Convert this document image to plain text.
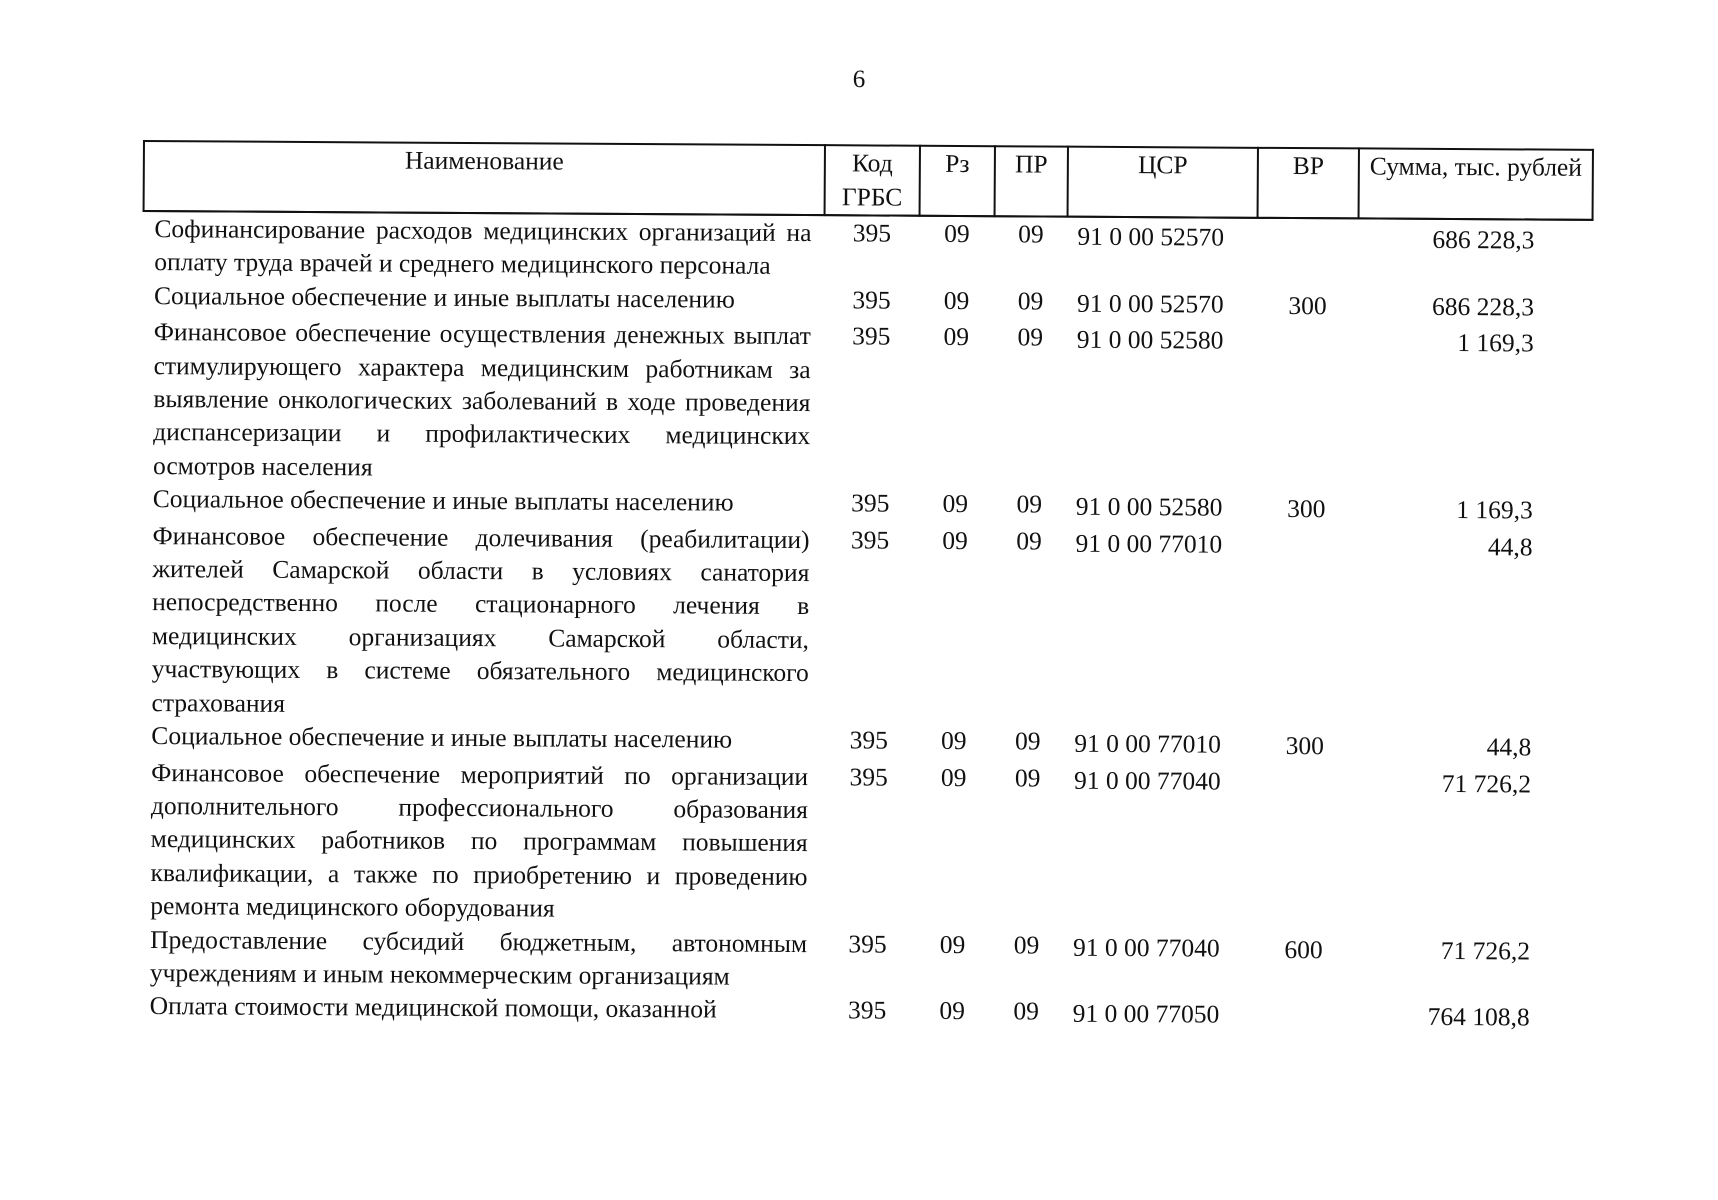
6
Наименование	Код ГРБС	Рз	ПР	ЦСР	ВР	Сумма, тыс. рублей
Софинансирование расходов медицинских организаций на оплату труда врачей и среднего медицинского персонала	395	09	09	91 0 00 52570		686 228,3
Социальное обеспечение и иные выплаты населению	395	09	09	91 0 00 52570	300	686 228,3
Финансовое обеспечение осуществления денежных выплат стимулирующего характера медицинским работникам за выявление онкологических заболеваний в ходе проведения диспансеризации и профилактических медицинских осмотров населения	395	09	09	91 0 00 52580		1 169,3
Социальное обеспечение и иные выплаты населению	395	09	09	91 0 00 52580	300	1 169,3
Финансовое обеспечение долечивания (реабилитации) жителей Самарской области в условиях санатория непосредственно после стационарного лечения в медицинских организациях Самарской области, участвующих в системе обязательного медицинского страхования	395	09	09	91 0 00 77010		44,8
Социальное обеспечение и иные выплаты населению	395	09	09	91 0 00 77010	300	44,8
Финансовое обеспечение мероприятий по организации дополнительного профессионального образования медицинских работников по программам повышения квалификации, а также по приобретению и проведению ремонта медицинского оборудования	395	09	09	91 0 00 77040		71 726,2
Предоставление субсидий бюджетным, автономным учреждениям и иным некоммерческим организациям	395	09	09	91 0 00 77040	600	71 726,2
Оплата стоимости медицинской помощи, оказанной	395	09	09	91 0 00 77050		764 108,8
